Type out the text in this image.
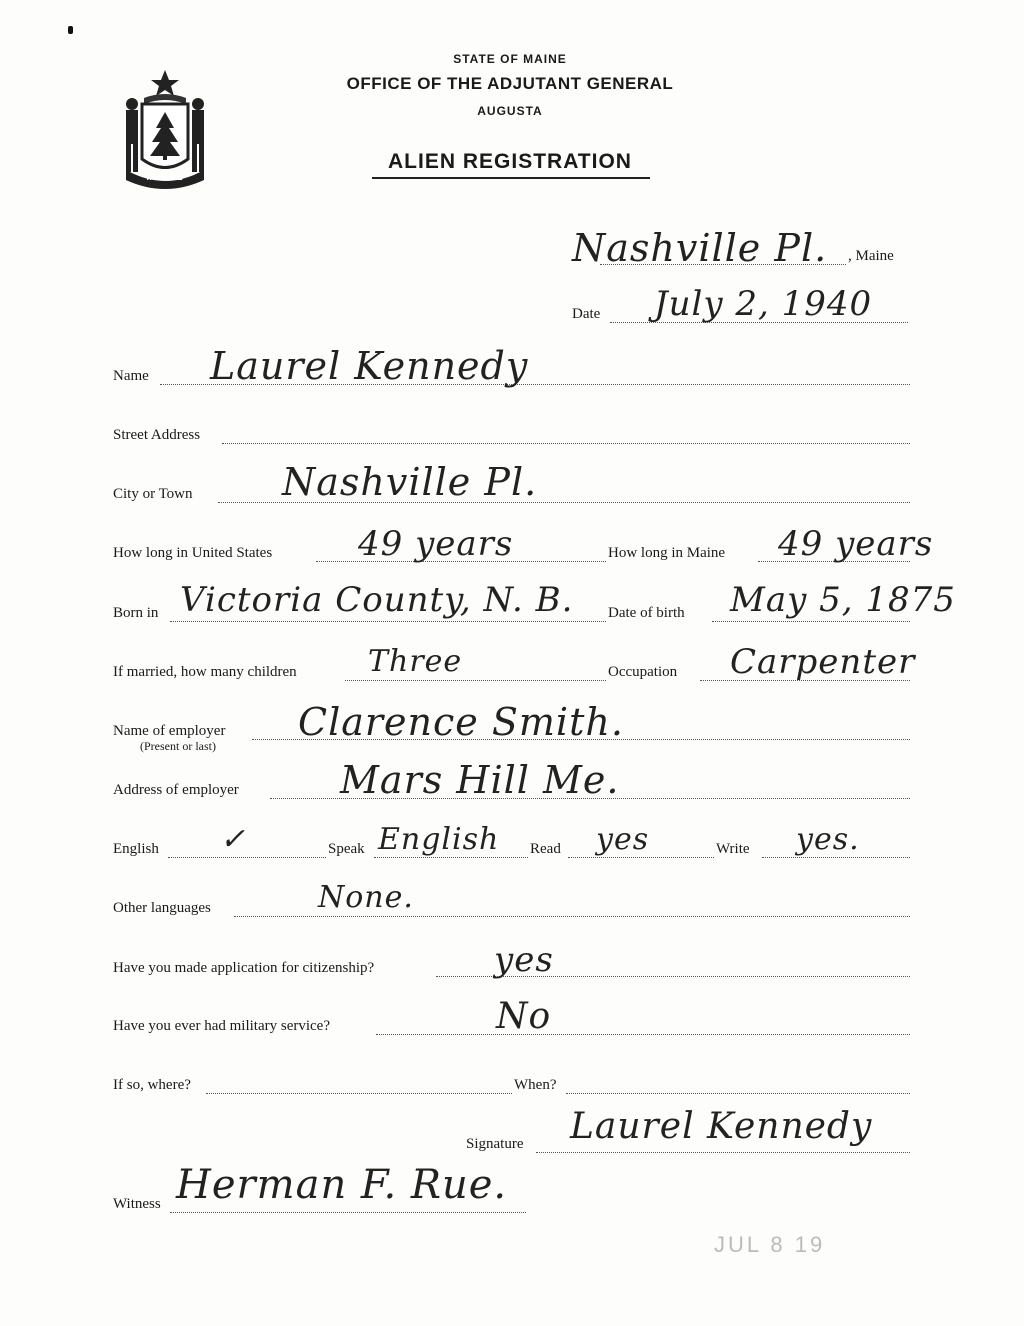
MAINE
STATE OF MAINE
OFFICE OF THE ADJUTANT GENERAL
AUGUSTA
ALIEN REGISTRATION
Nashville Pl. , Maine
Date July 2, 1940
Name Laurel Kennedy
Street Address
City or Town Nashville Pl.
How long in United States	49 years	How long in Maine 49 years
Born in Victoria County, N. B. Date of birth May 5, 1875
If married, how many children Three	Occupation Carpenter
Name of employer
(Present or last)
Clarence Smith.
Address of employer	Mars Hill Me.
English ✓	Speak English Read yes	Write yes.
Other languages	None.
Have you made application for citizenship?	yes
Have you ever had military service?	No
If so, where?	When?
Signature Laurel Kennedy
Witness Herman F. Rue.
JUL 8 19
